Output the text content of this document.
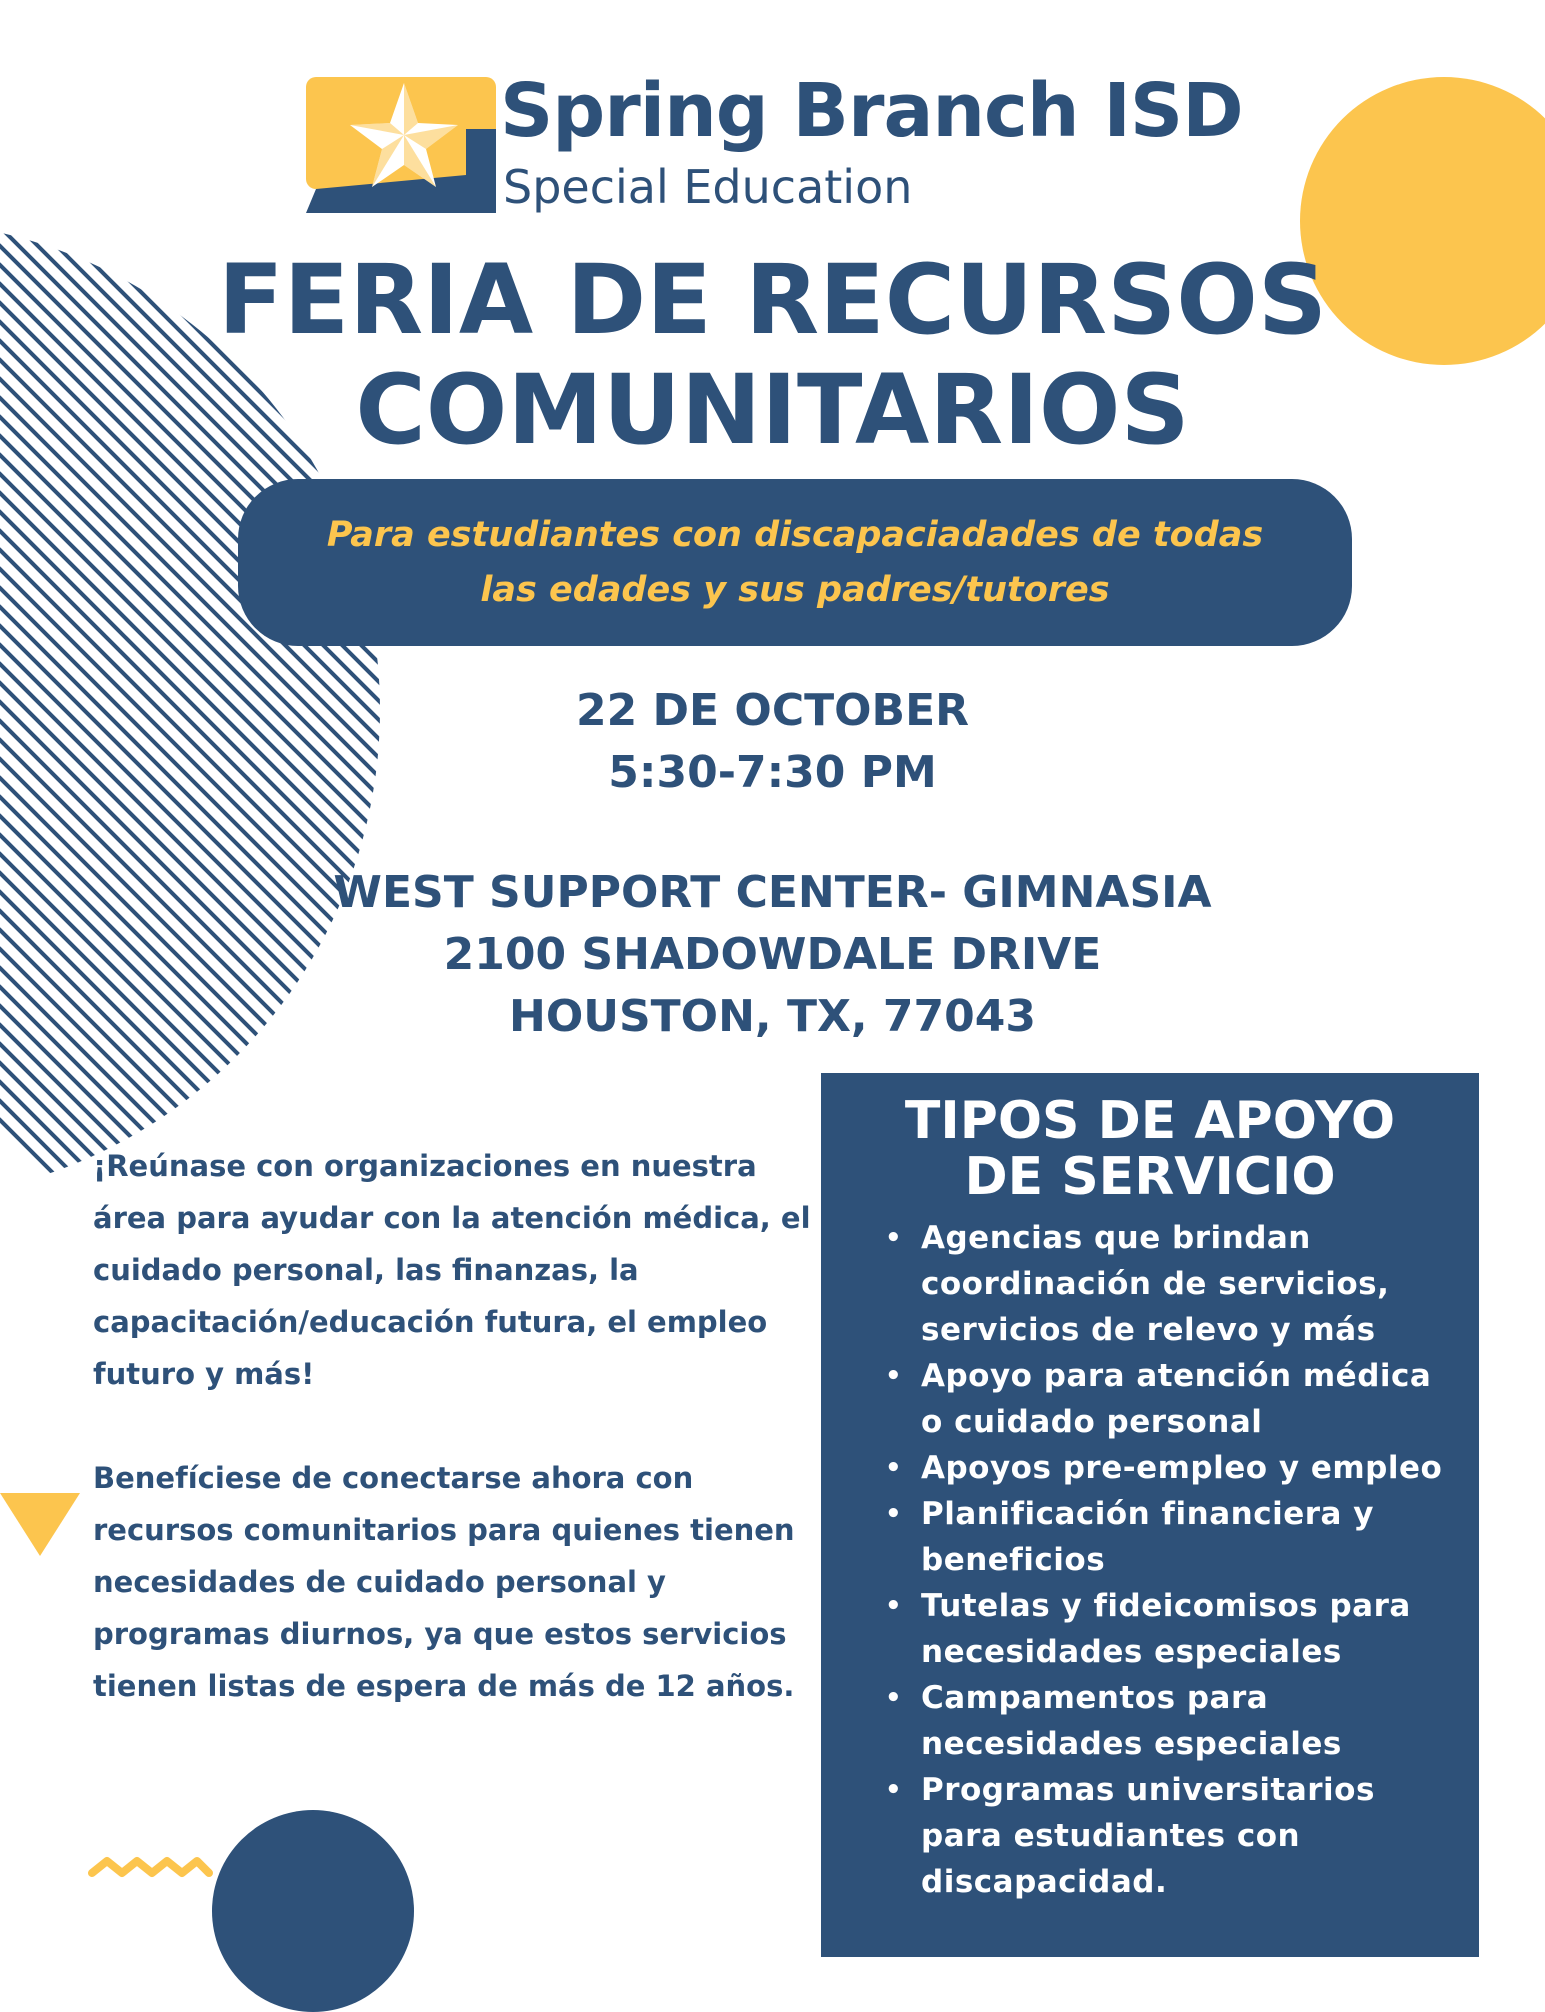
Spring Branch ISD
Special Education
FERIA DE RECURSOS
COMUNITARIOS
Para estudiantes con discapaciadades de todas las edades y sus padres/tutores
22 DE OCTOBER
5:30-7:30 PM
WEST SUPPORT CENTER- GIMNASIA
2100 SHADOWDALE DRIVE
HOUSTON, TX, 77043

¡Reúnase con organizaciones en nuestra área para ayudar con la atención médica, el cuidado personal, las finanzas, la capacitación/educación futura, el empleo futuro y más!

Benefíciese de conectarse ahora con recursos comunitarios para quienes tienen necesidades de cuidado personal y programas diurnos, ya que estos servicios tienen listas de espera de más de 12 años.

TIPOS DE APOYO
DE SERVICIO
• Agencias que brindan coordinación de servicios, servicios de relevo y más
• Apoyo para atención médica o cuidado personal
• Apoyos pre-empleo y empleo
• Planificación financiera y beneficios
• Tutelas y fideicomisos para necesidades especiales
• Campamentos para necesidades especiales
• Programas universitarios para estudiantes con discapacidad.
